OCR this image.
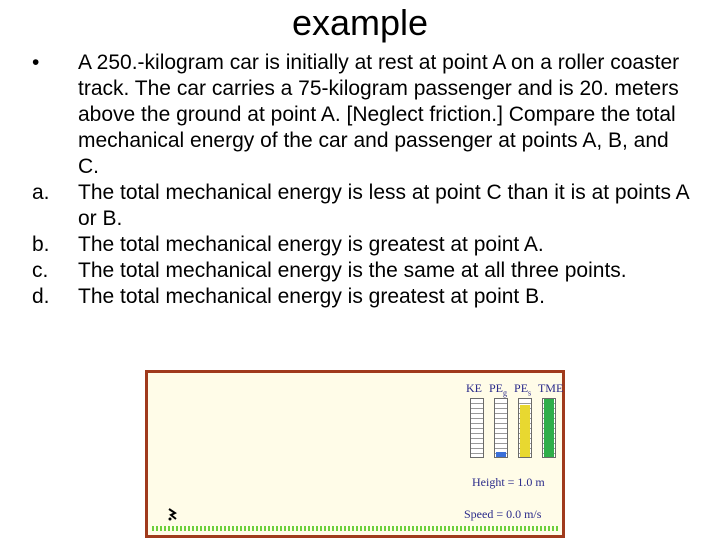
example
•	A 250.-kilogram car is initially at rest at point A on a roller coaster track. The car carries a 75-kilogram passenger and is 20. meters above the ground at point A. [Neglect friction.] Compare the total mechanical energy of the car and passenger at points A, B, and C.
a.	The total mechanical energy is less at point C than it is at points A or B.
b.	The total mechanical energy is greatest at point A.
c.	The total mechanical energy is the same at all three points.
d.	The total mechanical energy is greatest at point B.
KE $PE_g$ $PE_s$ TME
Height = 1.0 m
Speed = 0.0 m/s
